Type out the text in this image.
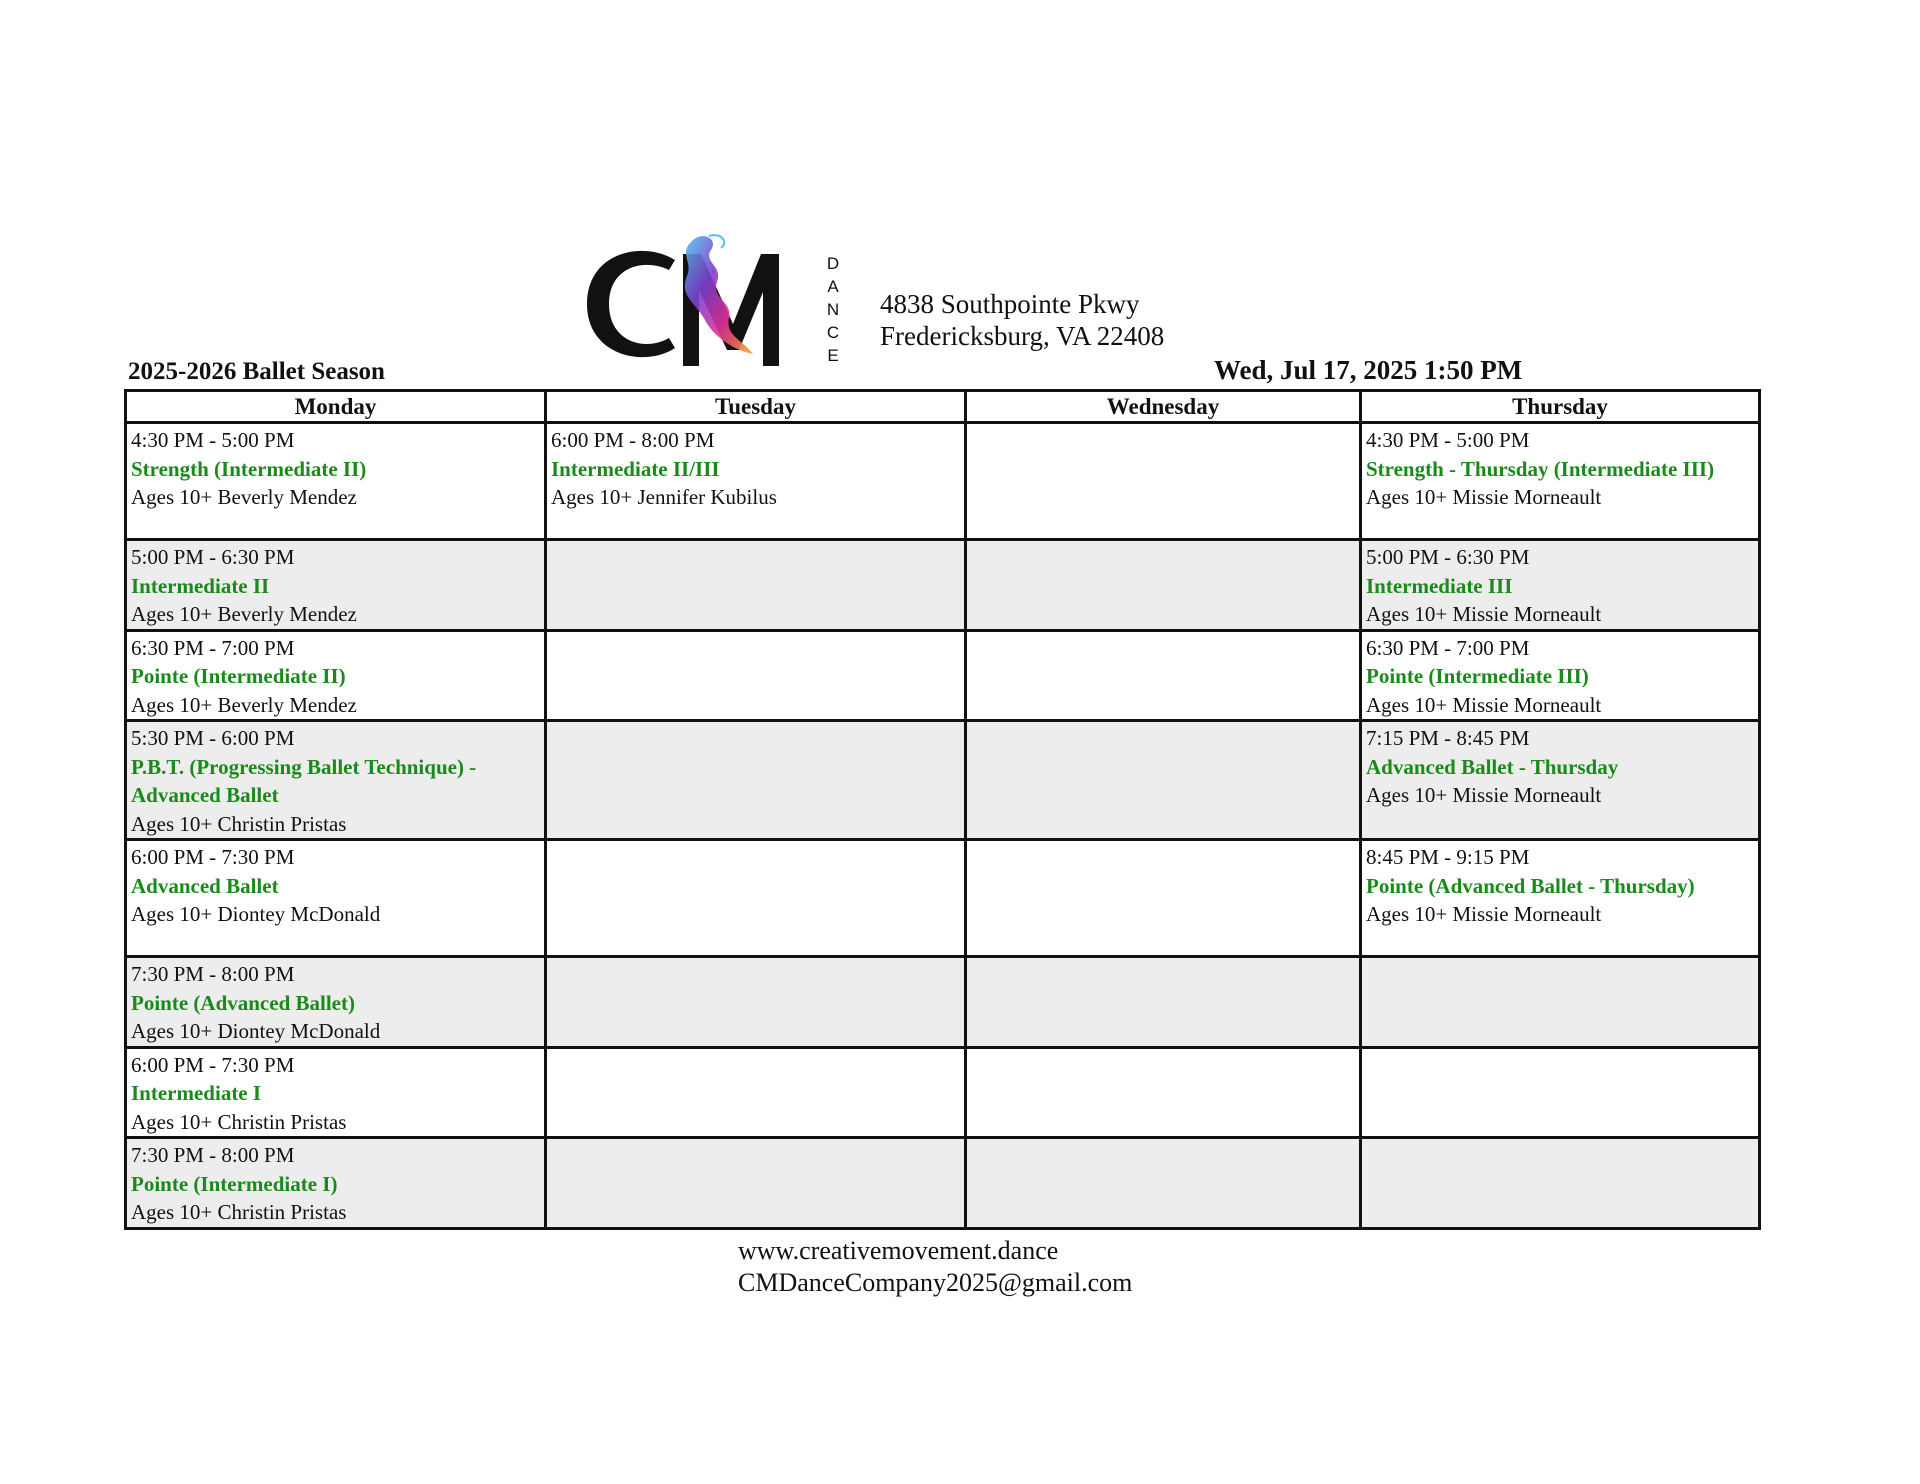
D
A
N
C
E
4838 Southpointe Pkwy
Fredericksburg, VA 22408
2025-2026 Ballet Season	Wed, Jul 17, 2025 1:50 PM
Monday	Tuesday	Wednesday	Thursday

4:30 PM - 5:00 PM
Strength (Intermediate II)
Ages 10+ Beverly Mendez	6:00 PM - 8:00 PM
Intermediate II/III
Ages 10+ Jennifer Kubilus		4:30 PM - 5:00 PM
Strength - Thursday (Intermediate III)
Ages 10+ Missie Morneault

5:00 PM - 6:30 PM
Intermediate II
Ages 10+ Beverly Mendez			5:00 PM - 6:30 PM
Intermediate III
Ages 10+ Missie Morneault

6:30 PM - 7:00 PM
Pointe (Intermediate II)
Ages 10+ Beverly Mendez			6:30 PM - 7:00 PM
Pointe (Intermediate III)
Ages 10+ Missie Morneault

5:30 PM - 6:00 PM
P.B.T. (Progressing Ballet Technique) - Advanced Ballet
Ages 10+ Christin Pristas			7:15 PM - 8:45 PM
Advanced Ballet - Thursday
Ages 10+ Missie Morneault

6:00 PM - 7:30 PM
Advanced Ballet
Ages 10+ Diontey McDonald			8:45 PM - 9:15 PM
Pointe (Advanced Ballet - Thursday)
Ages 10+ Missie Morneault

7:30 PM - 8:00 PM
Pointe (Advanced Ballet)
Ages 10+ Diontey McDonald			

6:00 PM - 7:30 PM
Intermediate I
Ages 10+ Christin Pristas			

7:30 PM - 8:00 PM
Pointe (Intermediate I)
Ages 10+ Christin Pristas			

www.creativemovement.dance
CMDanceCompany2025@gmail.com
